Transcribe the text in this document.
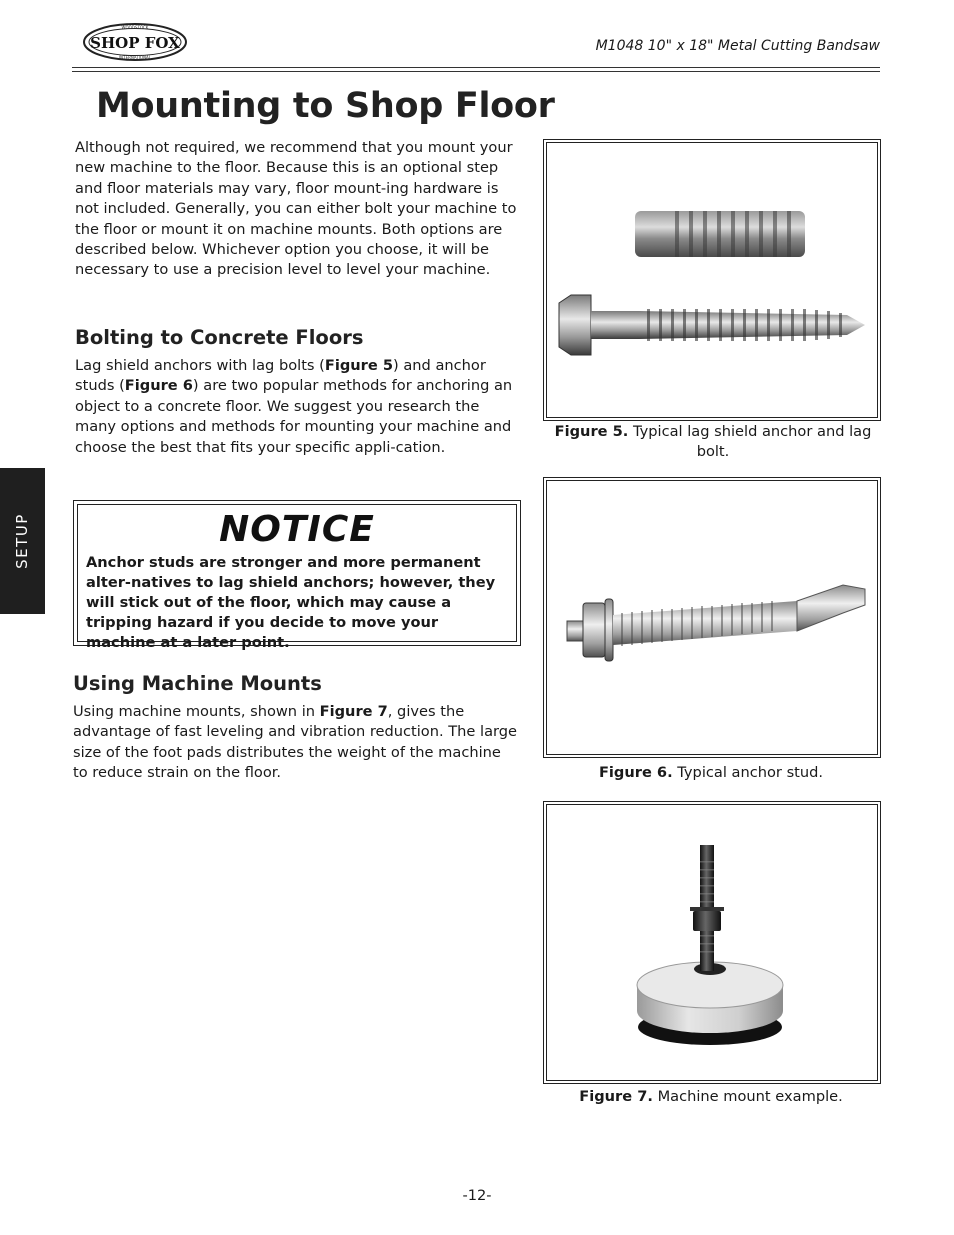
SHOP FOX
WOODSTOCK
INTERNATIONAL
M1048 10" x 18" Metal Cutting Bandsaw
Mounting to Shop Floor
Although not required, we recommend that you mount your new machine to the floor. Because this is an optional step and floor materials may vary, floor mount-ing hardware is not included. Generally, you can either bolt your machine to the floor or mount it on machine mounts. Both options are described below. Whichever option you choose, it will be necessary to use a precision level to level your machine.
Bolting to Concrete Floors
Lag shield anchors with lag bolts (Figure 5) and anchor studs (Figure 6) are two popular methods for anchoring an object to a concrete floor. We suggest you research the many options and methods for mounting your machine and choose the best that fits your specific appli-cation.
NOTICE
Anchor studs are stronger and more permanent alter-natives to lag shield anchors; however, they will stick out of the floor, which may cause a tripping hazard if you decide to move your machine at a later point.
Using Machine Mounts
Using machine mounts, shown in Figure 7, gives the advantage of fast leveling and vibration reduction. The large size of the foot pads distributes the weight of the machine to reduce strain on the floor.
SETUP
Figure 5. Typical lag shield anchor and lag bolt.
Figure 6. Typical anchor stud.
Figure 7. Machine mount example.
-12-
